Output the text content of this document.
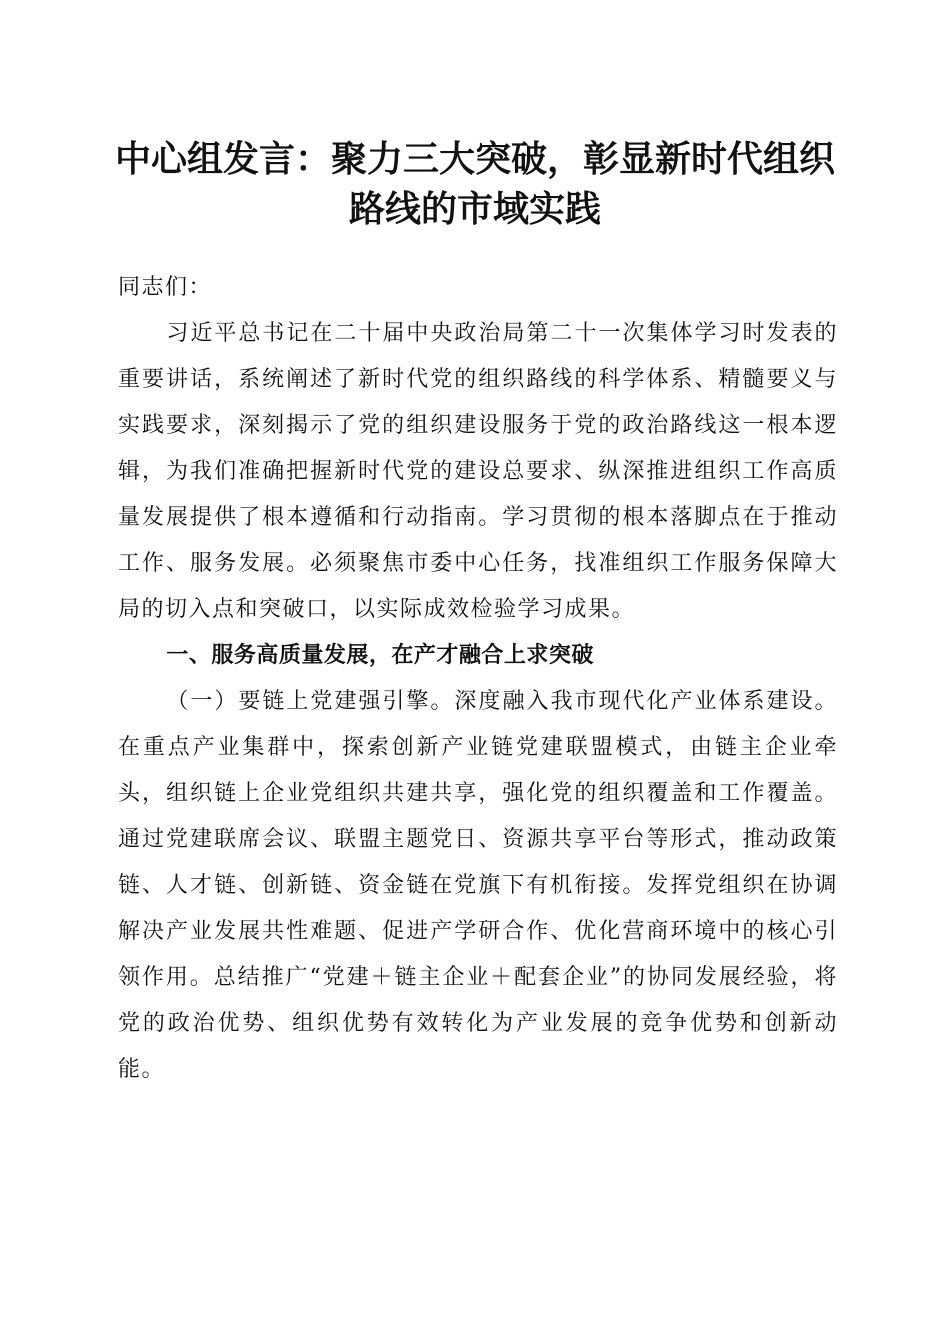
中心组发言：聚力三大突破，彰显新时代组织
路线的市域实践

同志们：

习近平总书记在二十届中央政治局第二十一次集体学习时发表的重要讲话，系统阐述了新时代党的组织路线的科学体系、精髓要义与实践要求，深刻揭示了党的组织建设服务于党的政治路线这一根本逻辑，为我们准确把握新时代党的建设总要求、纵深推进组织工作高质量发展提供了根本遵循和行动指南。学习贯彻的根本落脚点在于推动工作、服务发展。必须聚焦市委中心任务，找准组织工作服务保障大局的切入点和突破口，以实际成效检验学习成果。

一、服务高质量发展，在产才融合上求突破

（一）要链上党建强引擎。深度融入我市现代化产业体系建设。在重点产业集群中，探索创新产业链党建联盟模式，由链主企业牵头，组织链上企业党组织共建共享，强化党的组织覆盖和工作覆盖。通过党建联席会议、联盟主题党日、资源共享平台等形式，推动政策链、人才链、创新链、资金链在党旗下有机衔接。发挥党组织在协调解决产业发展共性难题、促进产学研合作、优化营商环境中的核心引领作用。总结推广“党建＋链主企业＋配套企业”的协同发展经验，将党的政治优势、组织优势有效转化为产业发展的竞争优势和创新动能。
